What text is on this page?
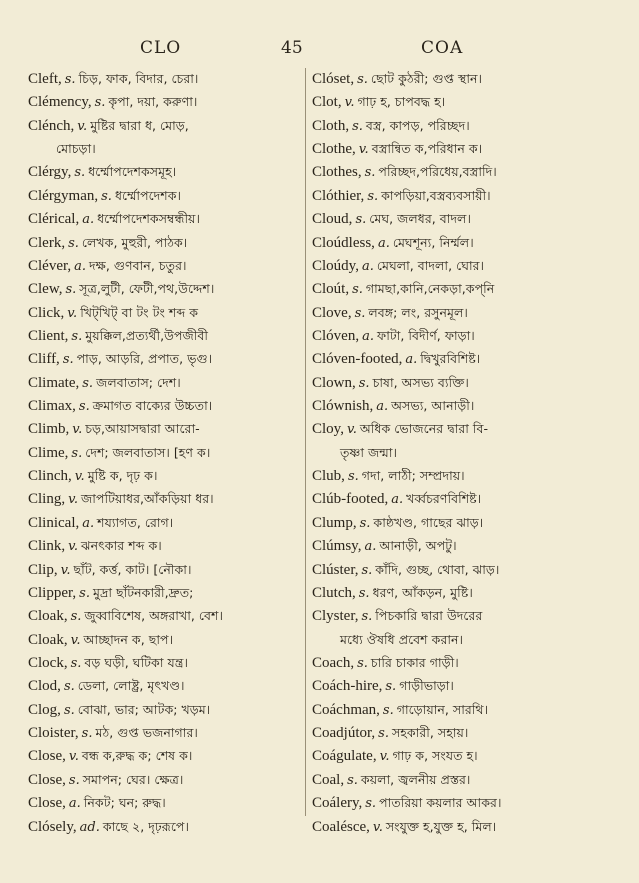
CLO	45	COA
Cleft, s. চিড়, ফাক, বিদার, চেরা।
Clémency, s. কৃপা, দয়া, করুণা।
Clénch, v. মুষ্টির দ্বারা ধ, মোড়,
মোচড়া।
Clérgy, s. ধর্ম্মোপদেশকসমূহ।
Clérgyman, s. ধর্ম্মোপদেশক।
Clérical, a. ধর্ম্মোপদেশকসম্বন্ধীয়।
Clerk, s. লেখক, মুহুরী, পাঠক।
Cléver, a. দক্ষ, গুণবান, চতুর।
Clew, s. সূত্র,লুটী, ফেটী,পথ,উদ্দেশ।
Click, v. খিট্‌খিট্ বা টং টং শব্দ ক
Client, s. মুয়ক্কিল,প্রত্যর্থী,উপজীবী
Cliff, s. পাড়, আড়রি, প্রপাত, ভৃগু।
Climate, s. জলবাতাস; দেশ।
Climax, s. ক্রমাগত বাক্যের উচ্চতা।
Climb, v. চড়,আয়াসদ্বারা আরো-
Clime, s. দেশ; জলবাতাস। [হণ ক।
Clinch, v. মুষ্টি ক, দৃঢ় ক।
Cling, v. জাপটিয়াধর,আঁকড়িয়া ধর।
Clinical, a. শয্যাগত, রোগ।
Clink, v. ঝনৎকার শব্দ ক।
Clip, v. ছাঁট, কর্ত্ত, কাট। [নৌকা।
Clipper, s. মুদ্রা ছাঁটনকারী,দ্রুত;
Cloak, s. জুব্বাবিশেষ, অঙ্গরাখা, বেশ।
Cloak, v. আচ্ছাদন ক, ছাপ।
Clock, s. বড় ঘড়ী, ঘটিকা যন্ত্র।
Clod, s. ডেলা, লোষ্ট্র, মৃৎখণ্ড।
Clog, s. বোঝা, ভার; আটক; খড়ম।
Cloister, s. মঠ, গুপ্ত ভজনাগার।
Close, v. বন্ধ ক,রুদ্ধ ক; শেষ ক।
Close, s. সমাপন; ঘের। ক্ষেত্র।
Close, a. নিকট; ঘন; রুদ্ধ।
Clósely, ad. কাছে ২, দৃঢ়রূপে।
Clóset, s. ছোট কুঠরী; গুপ্ত স্থান।
Clot, v. গাঢ় হ, চাপবদ্ধ হ।
Cloth, s. বস্ত্র, কাপড়, পরিচ্ছদ।
Clothe, v. বস্ত্রান্বিত ক,পরিধান ক।
Clothes, s. পরিচ্ছদ,পরিধেয়,বস্ত্রাদি।
Clóthier, s. কাপড়িয়া,বস্ত্রব্যবসায়ী।
Cloud, s. মেঘ, জলধর, বাদল।
Cloúdless, a. মেঘশূন্য, নির্ম্মল।
Cloúdy, a. মেঘলা, বাদলা, ঘোর।
Cloút, s. গামছা,কানি,নেকড়া,কপ্‌নি
Clove, s. লবঙ্গ; লং, রসুনমূল।
Clóven, a. ফাটা, বিদীর্ণ, ফাড়া।
Clóven-footed, a. দ্বিখুরবিশিষ্ট।
Clown, s. চাষা, অসভ্য ব্যক্তি।
Clównish, a. অসভ্য, আনাড়ী।
Cloy, v. অধিক ভোজনের দ্বারা বি-
তৃষ্ণা জন্মা।
Club, s. গদা, লাঠী; সম্প্রদায়।
Clúb-footed, a. খর্ব্বচরণবিশিষ্ট।
Clump, s. কাষ্ঠখণ্ড, গাছের ঝাড়।
Clúmsy, a. আনাড়ী, অপটু।
Clúster, s. কাঁদি, গুচ্ছ, থোবা, ঝাড়।
Clutch, s. ধরণ, আঁকড়ন, মুষ্টি।
Clyster, s. পিচকারি দ্বারা উদরের
মধ্যে ঔষধি প্রবেশ করান।
Coach, s. চারি চাকার গাড়ী।
Coách-hire, s. গাড়ীভাড়া।
Coáchman, s. গাড়োয়ান, সারথি।
Coadjútor, s. সহকারী, সহায়।
Coágulate, v. গাঢ় ক, সংযত হ।
Coal, s. কয়লা, জ্বলনীয় প্রস্তর।
Coálery, s. পাতরিয়া কয়লার আকর।
Coalésce, v. সংযুক্ত হ,যুক্ত হ, মিল।
